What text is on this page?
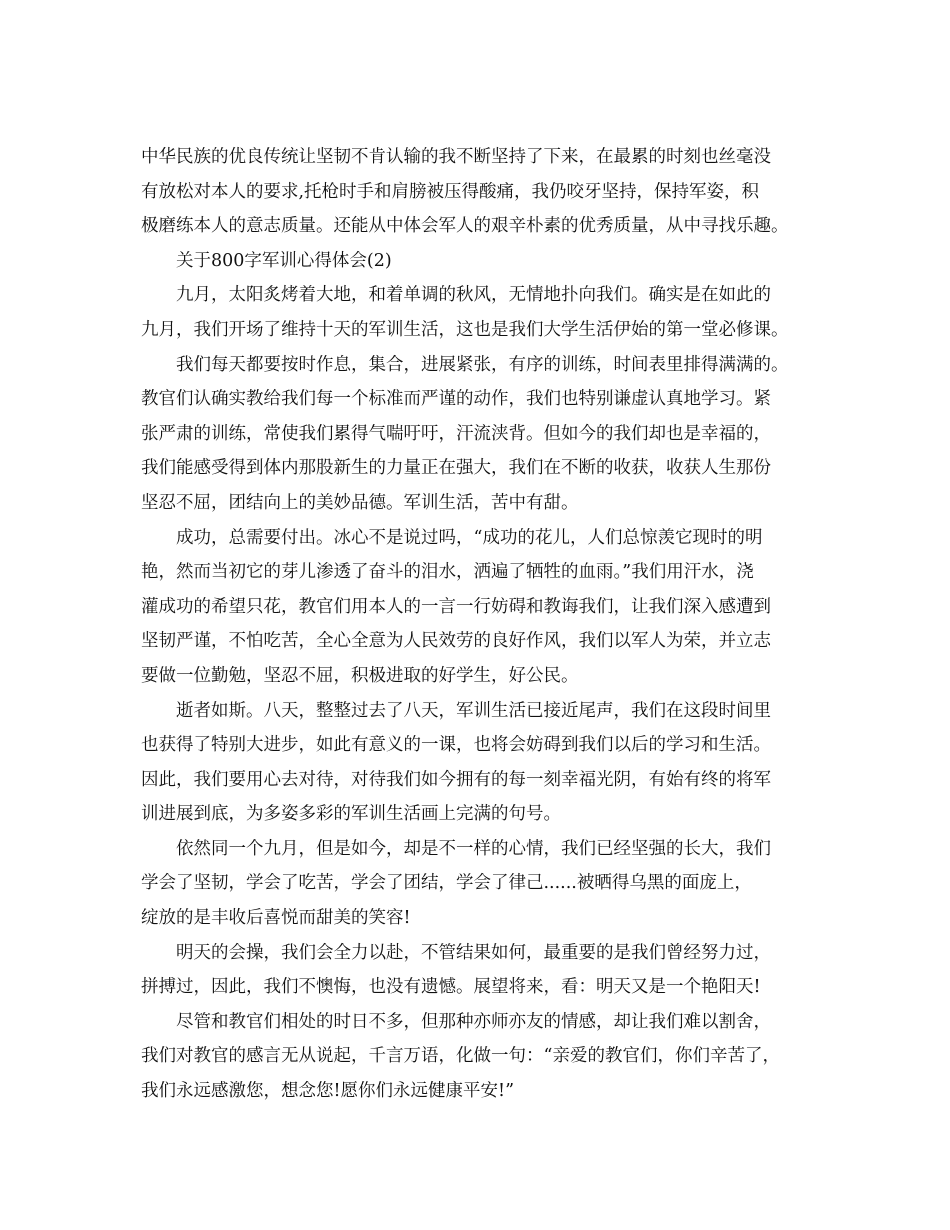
中华民族的优良传统让坚韧不肯认输的我不断坚持了下来，在最累的时刻也丝毫没
有放松对本人的要求,托枪时手和肩膀被压得酸痛，我仍咬牙坚持，保持军姿，积
极磨练本人的意志质量。还能从中体会军人的艰辛朴素的优秀质量，从中寻找乐趣。
关于800字军训心得体会(2)
九月，太阳炙烤着大地，和着单调的秋风，无情地扑向我们。确实是在如此的
九月，我们开场了维持十天的军训生活，这也是我们大学生活伊始的第一堂必修课。
我们每天都要按时作息，集合，进展紧张，有序的训练，时间表里排得满满的。
教官们认确实教给我们每一个标准而严谨的动作，我们也特别谦虚认真地学习。紧
张严肃的训练，常使我们累得气喘吁吁，汗流浃背。但如今的我们却也是幸福的，
我们能感受得到体内那股新生的力量正在强大，我们在不断的收获，收获人生那份
坚忍不屈，团结向上的美妙品德。军训生活，苦中有甜。
成功，总需要付出。冰心不是说过吗，“成功的花儿，人们总惊羡它现时的明
艳，然而当初它的芽儿渗透了奋斗的泪水，洒遍了牺牲的血雨。”我们用汗水，浇
灌成功的希望只花，教官们用本人的一言一行妨碍和教诲我们，让我们深入感遭到
坚韧严谨，不怕吃苦，全心全意为人民效劳的良好作风，我们以军人为荣，并立志
要做一位勤勉，坚忍不屈，积极进取的好学生，好公民。
逝者如斯。八天，整整过去了八天，军训生活已接近尾声，我们在这段时间里
也获得了特别大进步，如此有意义的一课，也将会妨碍到我们以后的学习和生活。
因此，我们要用心去对待，对待我们如今拥有的每一刻幸福光阴，有始有终的将军
训进展到底，为多姿多彩的军训生活画上完满的句号。
依然同一个九月，但是如今，却是不一样的心情，我们已经坚强的长大，我们
学会了坚韧，学会了吃苦，学会了团结，学会了律己......被晒得乌黑的面庞上，
绽放的是丰收后喜悦而甜美的笑容!
明天的会操，我们会全力以赴，不管结果如何，最重要的是我们曾经努力过，
拼搏过，因此，我们不懊悔，也没有遗憾。展望将来，看：明天又是一个艳阳天!
尽管和教官们相处的时日不多，但那种亦师亦友的情感，却让我们难以割舍，
我们对教官的感言无从说起，千言万语，化做一句：“亲爱的教官们，你们辛苦了，
我们永远感激您，想念您!愿你们永远健康平安!”
